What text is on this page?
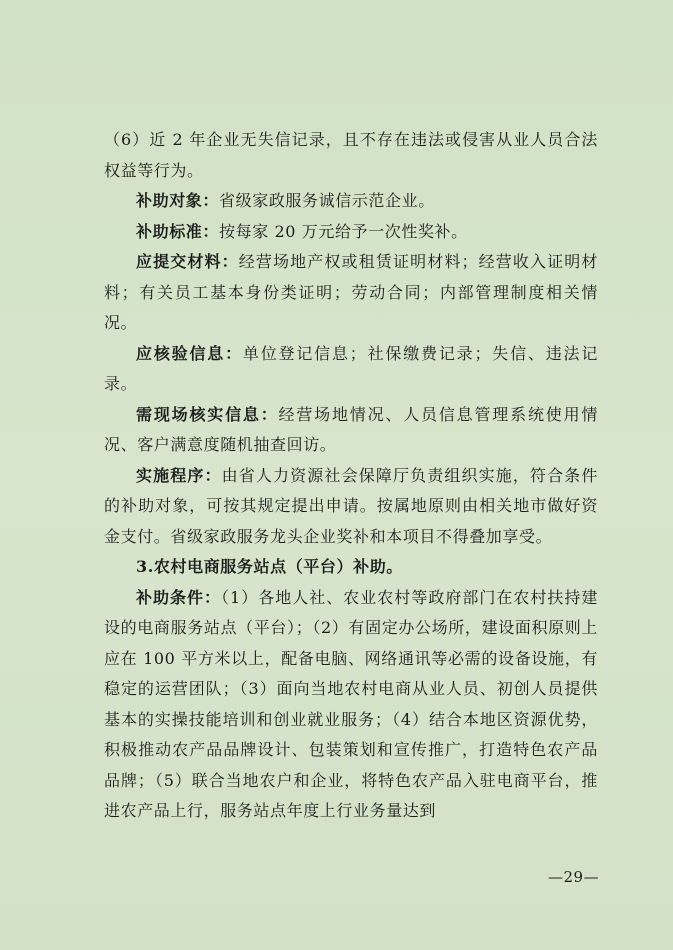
（6）近 2 年企业无失信记录，且不存在违法或侵害从业人员合法权益等行为。

补助对象：省级家政服务诚信示范企业。

补助标准：按每家 20 万元给予一次性奖补。

应提交材料：经营场地产权或租赁证明材料；经营收入证明材料；有关员工基本身份类证明；劳动合同；内部管理制度相关情况。

应核验信息：单位登记信息；社保缴费记录；失信、违法记录。

需现场核实信息：经营场地情况、人员信息管理系统使用情况、客户满意度随机抽查回访。

实施程序：由省人力资源社会保障厅负责组织实施，符合条件的补助对象，可按其规定提出申请。按属地原则由相关地市做好资金支付。省级家政服务龙头企业奖补和本项目不得叠加享受。

3.农村电商服务站点（平台）补助。

补助条件：（1）各地人社、农业农村等政府部门在农村扶持建设的电商服务站点（平台）；（2）有固定办公场所，建设面积原则上应在 100 平方米以上，配备电脑、网络通讯等必需的设备设施，有稳定的运营团队；（3）面向当地农村电商从业人员、初创人员提供基本的实操技能培训和创业就业服务；（4）结合本地区资源优势，积极推动农产品品牌设计、包装策划和宣传推广，打造特色农产品品牌；（5）联合当地农户和企业，将特色农产品入驻电商平台，推进农产品上行，服务站点年度上行业务量达到

—29—
